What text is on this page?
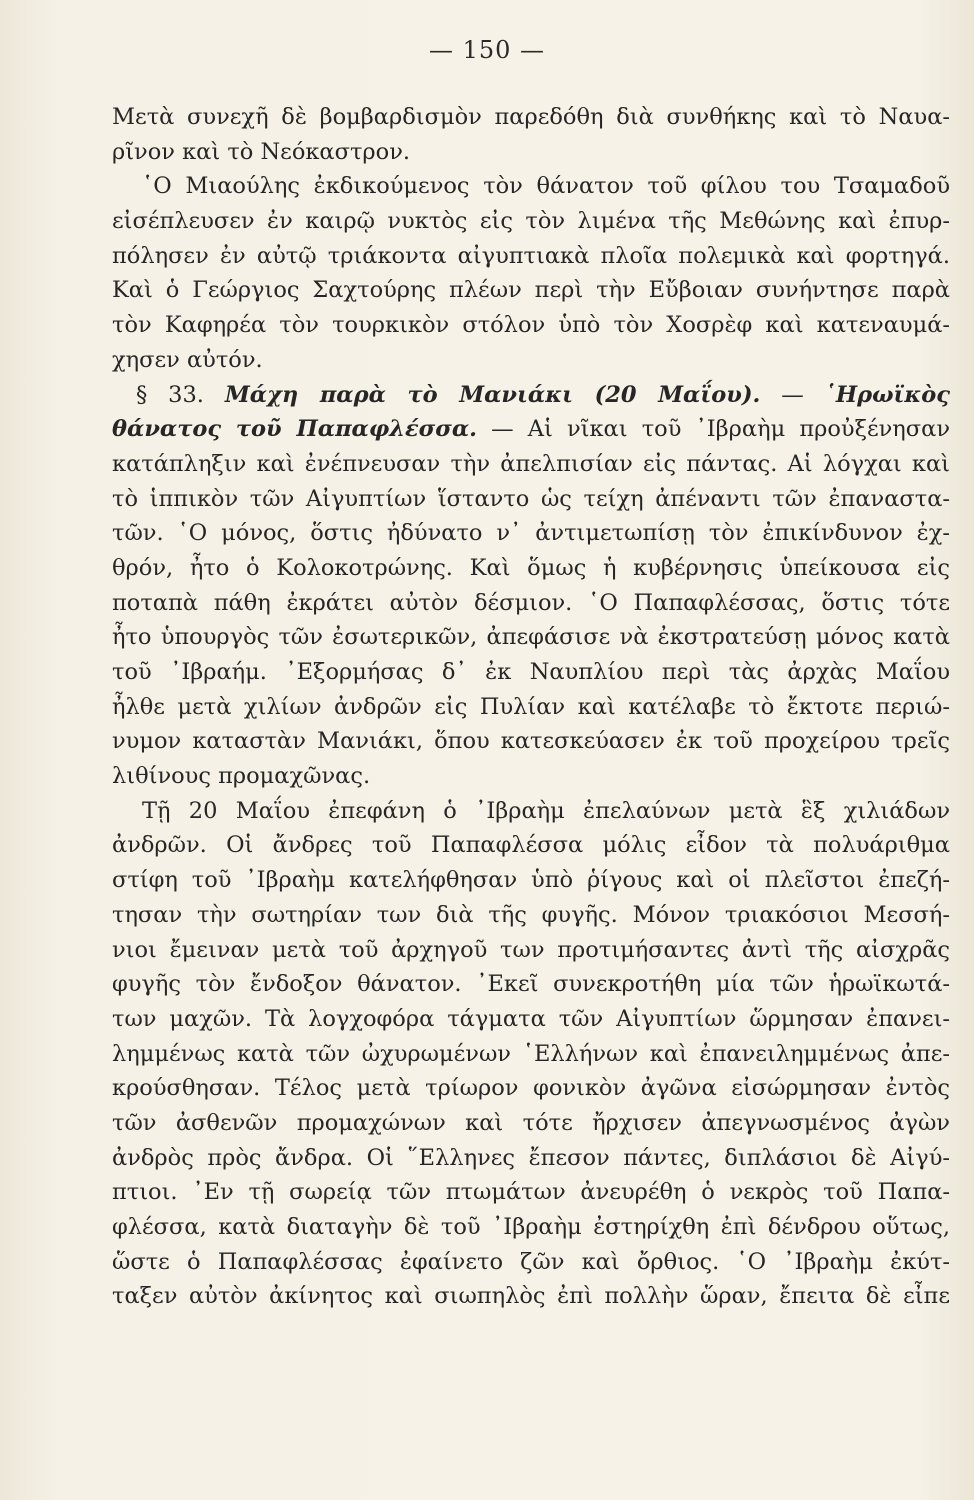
— 150 —
Μετὰ συνεχῆ δὲ βομβαρδισμὸν παρεδόθη διὰ συνθήκης καὶ τὸ Ναυα-
ρῖνον καὶ τὸ Νεόκαστρον.
῾Ο Μιαούλης ἐκδικούμενος τὸν θάνατον τοῦ φίλου του Τσαμαδοῦ
εἰσέπλευσεν ἐν καιρῷ νυκτὸς εἰς τὸν λιμένα τῆς Μεθώνης καὶ ἐπυρ-
πόλησεν ἐν αὐτῷ τριάκοντα αἰγυπτιακὰ πλοῖα πολεμικὰ καὶ φορτηγά.
Καὶ ὁ Γεώργιος Σαχτούρης πλέων περὶ τὴν Εὔβοιαν συνήντησε παρὰ
τὸν Καφηρέα τὸν τουρκικὸν στόλον ὑπὸ τὸν Χοσρὲφ καὶ κατεναυμά-
χησεν αὐτόν.
§ 33. Μάχη παρὰ τὸ Μανιάκι (20 Μαΐου). — ῾Ηρωϊκὸς
θάνατος τοῦ Παπαφλέσσα. — Αἱ νῖκαι τοῦ ᾿Ιβραὴμ προὐξένησαν
κατάπληξιν καὶ ἐνέπνευσαν τὴν ἀπελπισίαν εἰς πάντας. Αἱ λόγχαι καὶ
τὸ ἱππικὸν τῶν Αἰγυπτίων ἵσταντο ὡς τείχη ἀπέναντι τῶν ἐπαναστα-
τῶν. ῾Ο μόνος, ὅστις ἠδύνατο ν᾿ ἀντιμετωπίσῃ τὸν ἐπικίνδυνον ἐχ-
θρόν, ἦτο ὁ Κολοκοτρώνης. Καὶ ὅμως ἡ κυβέρνησις ὑπείκουσα εἰς
ποταπὰ πάθη ἐκράτει αὐτὸν δέσμιον. ῾Ο Παπαφλέσσας, ὅστις τότε
ἦτο ὑπουργὸς τῶν ἐσωτερικῶν, ἀπεφάσισε νὰ ἐκστρατεύσῃ μόνος κατὰ
τοῦ ᾿Ιβραήμ. ᾿Εξορμήσας δ᾿ ἐκ Ναυπλίου περὶ τὰς ἀρχὰς Μαΐου
ἦλθε μετὰ χιλίων ἀνδρῶν εἰς Πυλίαν καὶ κατέλαβε τὸ ἔκτοτε περιώ-
νυμον καταστὰν Μανιάκι, ὅπου κατεσκεύασεν ἐκ τοῦ προχείρου τρεῖς
λιθίνους προμαχῶνας.
Τῇ 20 Μαΐου ἐπεφάνη ὁ ᾿Ιβραὴμ ἐπελαύνων μετὰ ἓξ χιλιάδων
ἀνδρῶν. Οἱ ἄνδρες τοῦ Παπαφλέσσα μόλις εἶδον τὰ πολυάριθμα
στίφη τοῦ ᾿Ιβραὴμ κατελήφθησαν ὑπὸ ῥίγους καὶ οἱ πλεῖστοι ἐπεζή-
τησαν τὴν σωτηρίαν των διὰ τῆς φυγῆς. Μόνον τριακόσιοι Μεσσή-
νιοι ἔμειναν μετὰ τοῦ ἀρχηγοῦ των προτιμήσαντες ἀντὶ τῆς αἰσχρᾶς
φυγῆς τὸν ἔνδοξον θάνατον. ᾿Εκεῖ συνεκροτήθη μία τῶν ἡρωϊκωτά-
των μαχῶν. Τὰ λογχοφόρα τάγματα τῶν Αἰγυπτίων ὥρμησαν ἐπανει-
λημμένως κατὰ τῶν ὠχυρωμένων ῾Ελλήνων καὶ ἐπανειλημμένως ἀπε-
κρούσθησαν. Τέλος μετὰ τρίωρον φονικὸν ἀγῶνα εἰσώρμησαν ἐντὸς
τῶν ἀσθενῶν προμαχώνων καὶ τότε ἤρχισεν ἀπεγνωσμένος ἀγὼν
ἀνδρὸς πρὸς ἄνδρα. Οἱ ῞Ελληνες ἔπεσον πάντες, διπλάσιοι δὲ Αἰγύ-
πτιοι. ᾿Εν τῇ σωρείᾳ τῶν πτωμάτων ἀνευρέθη ὁ νεκρὸς τοῦ Παπα-
φλέσσα, κατὰ διαταγὴν δὲ τοῦ ᾿Ιβραὴμ ἐστηρίχθη ἐπὶ δένδρου οὕτως,
ὥστε ὁ Παπαφλέσσας ἐφαίνετο ζῶν καὶ ὄρθιος. ῾Ο ᾿Ιβραὴμ ἐκύτ-
ταξεν αὐτὸν ἀκίνητος καὶ σιωπηλὸς ἐπὶ πολλὴν ὥραν, ἔπειτα δὲ εἶπε
